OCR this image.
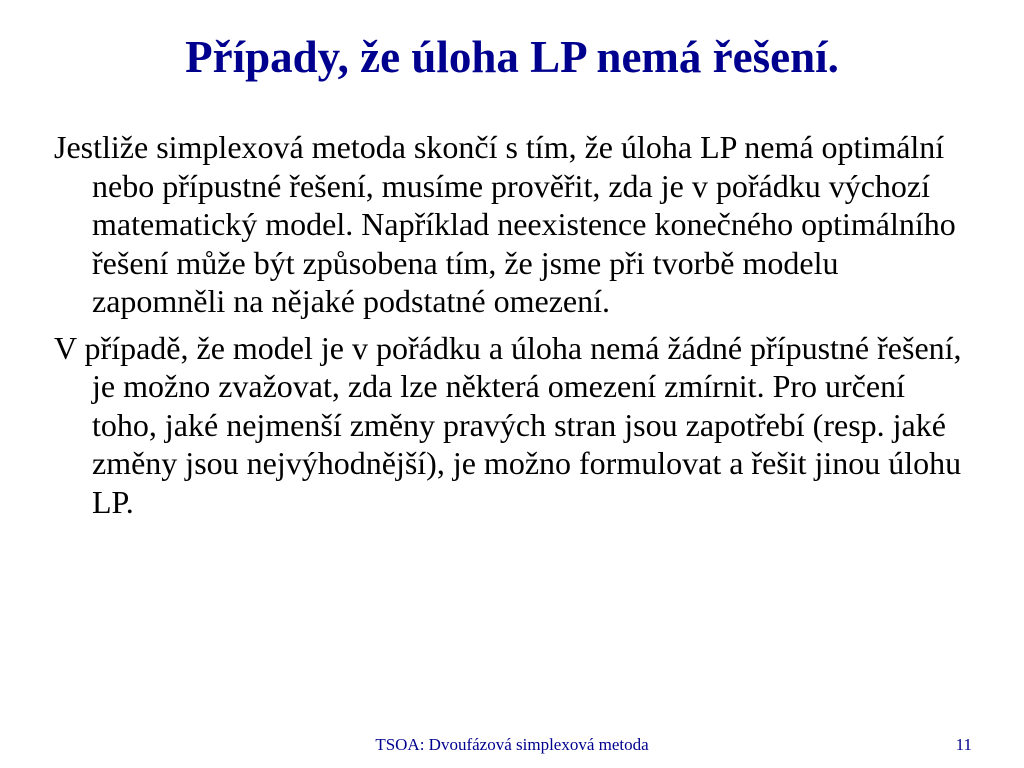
Případy, že úloha LP nemá řešení.

Jestliže simplexová metoda skončí s tím, že úloha LP nemá optimální nebo přípustné řešení, musíme prověřit, zda je v pořádku výchozí matematický model. Například neexistence konečného optimálního řešení může být způsobena tím, že jsme při tvorbě modelu zapomněli na nějaké podstatné omezení.

V případě, že model je v pořádku a úloha nemá žádné přípustné řešení, je možno zvažovat, zda lze některá omezení zmírnit. Pro určení toho, jaké nejmenší změny pravých stran jsou zapotřebí (resp. jaké změny jsou nejvýhodnější), je možno formulovat a řešit jinou úlohu LP.

TSOA: Dvoufázová simplexová metoda	11
